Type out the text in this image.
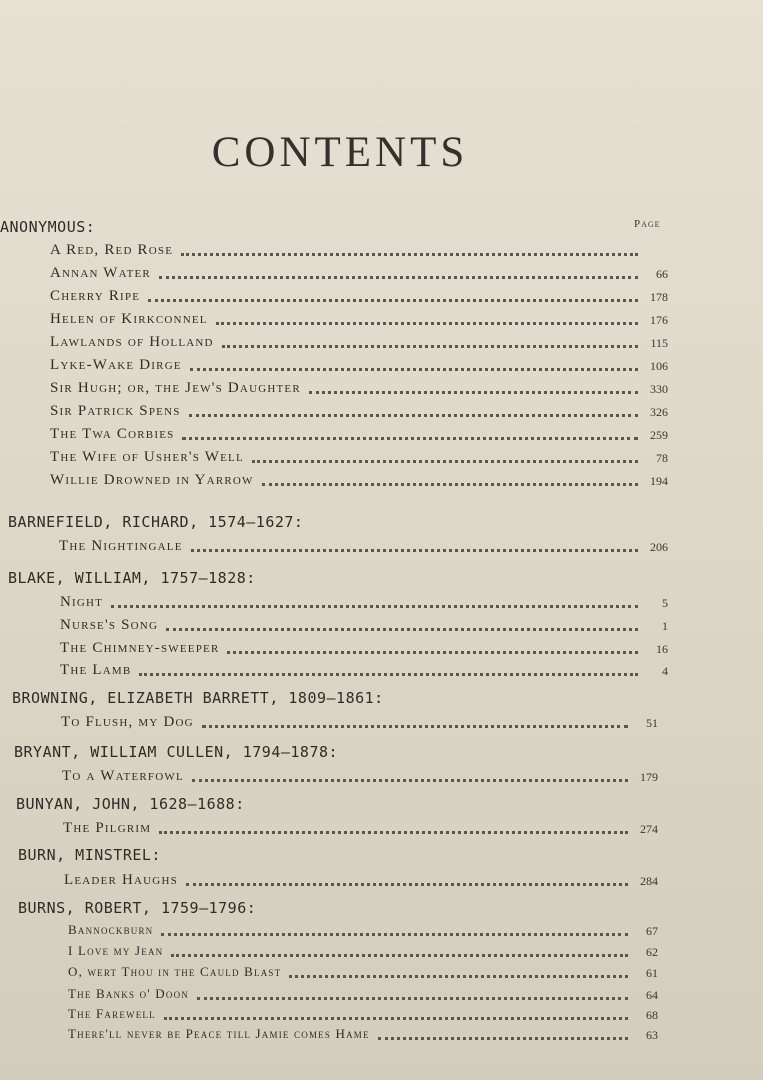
CONTENTS
Page
ANONYMOUS:
A Red, Red Rose
Annan Water	66
Cherry Ripe	178
Helen of Kirkconnel	176
Lawlands of Holland	115
Lyke-Wake Dirge	106
Sir Hugh; or, the Jew's Daughter	330
Sir Patrick Spens	326
The Twa Corbies	259
The Wife of Usher's Well	78
Willie Drowned in Yarrow	194
BARNEFIELD, RICHARD, 1574–1627:
The Nightingale	206
BLAKE, WILLIAM, 1757–1828:
Night	5
Nurse's Song	1
The Chimney-sweeper	16
The Lamb	4
BROWNING, ELIZABETH BARRETT, 1809–1861:
To Flush, my Dog	51
BRYANT, WILLIAM CULLEN, 1794–1878:
To a Waterfowl	179
BUNYAN, JOHN, 1628–1688:
The Pilgrim	274
BURN, MINSTREL:
Leader Haughs	284
BURNS, ROBERT, 1759–1796:
Bannockburn	67
I Love my Jean	62
O, wert Thou in the Cauld Blast	61
The Banks o' Doon	64
The Farewell	68
There'll never be Peace till Jamie comes Hame	63
